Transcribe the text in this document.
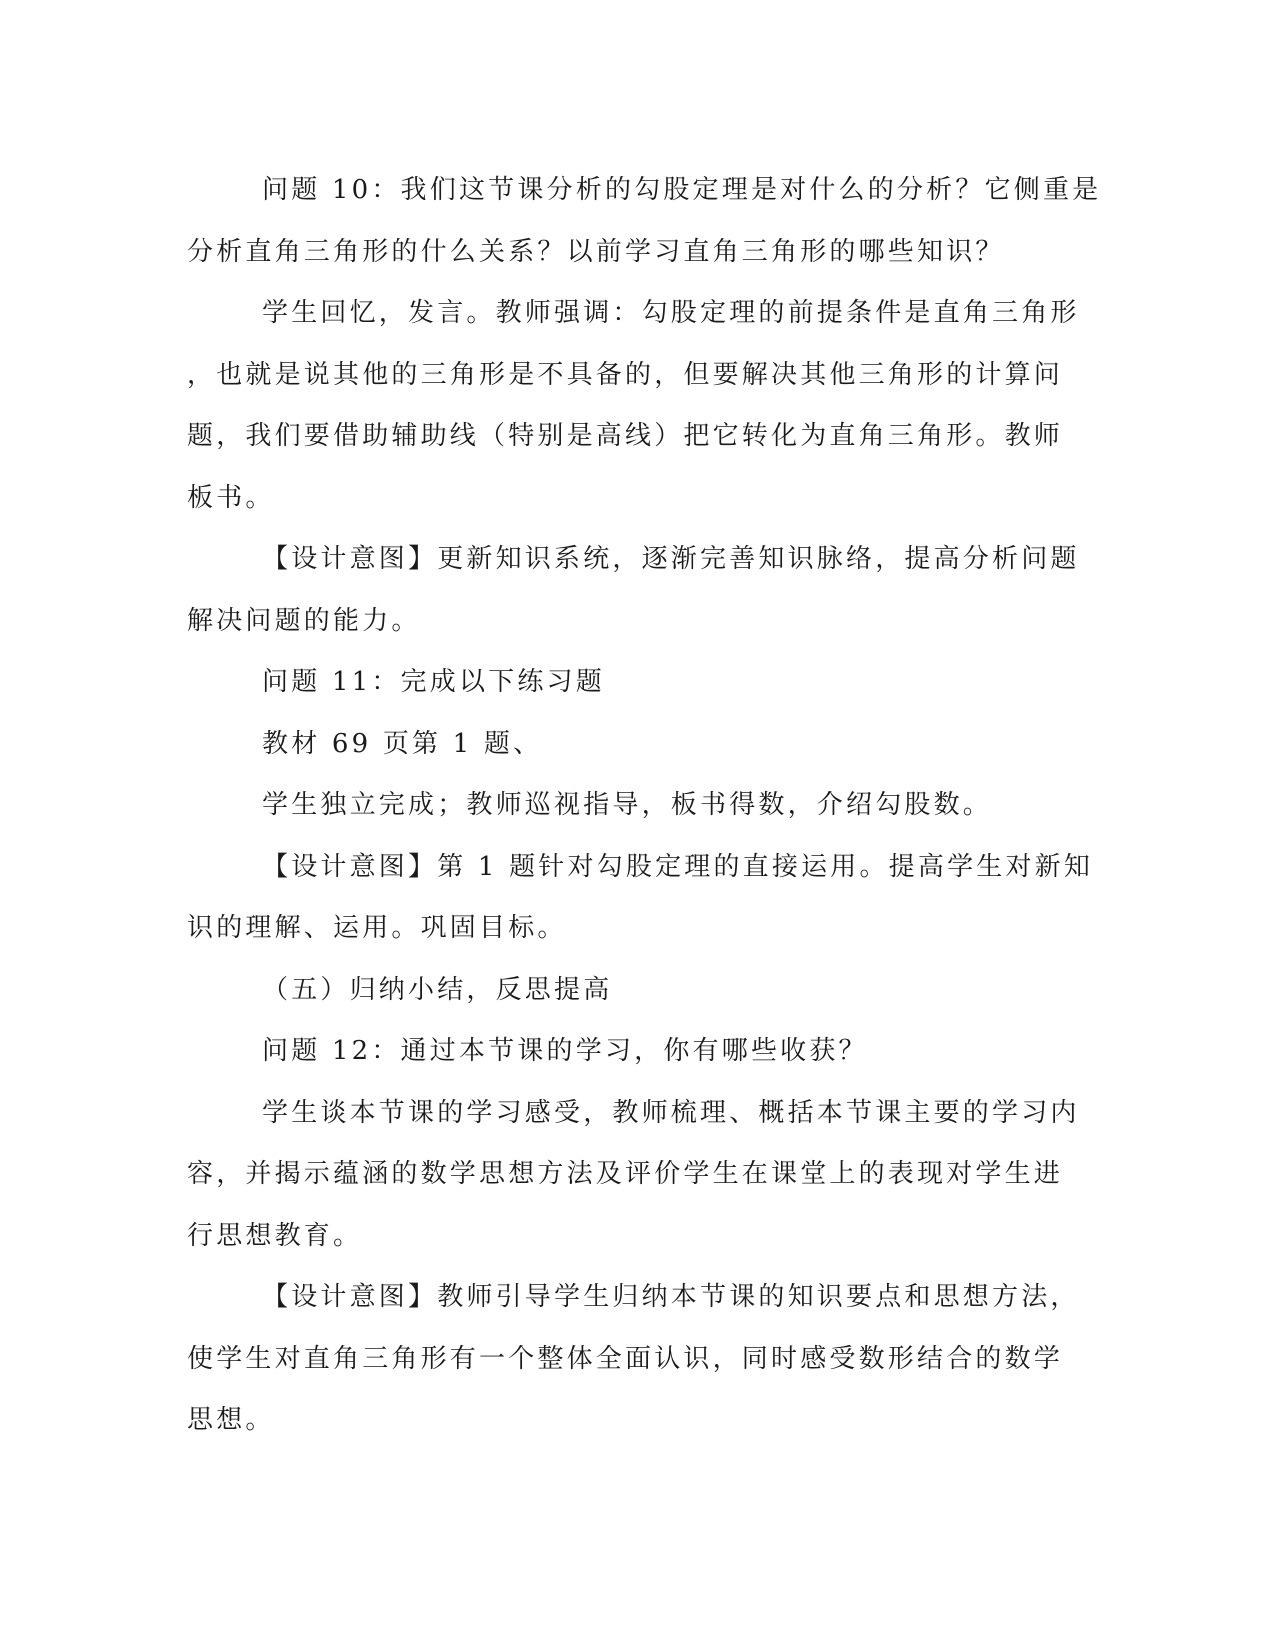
问题 10：我们这节课分析的勾股定理是对什么的分析？它侧重是
分析直角三角形的什么关系？以前学习直角三角形的哪些知识？

学生回忆，发言。教师强调：勾股定理的前提条件是直角三角形
，也就是说其他的三角形是不具备的，但要解决其他三角形的计算问
题，我们要借助辅助线（特别是高线）把它转化为直角三角形。教师
板书。

【设计意图】更新知识系统，逐渐完善知识脉络，提高分析问题
解决问题的能力。

问题 11：完成以下练习题

教材 69 页第 1 题、

学生独立完成；教师巡视指导，板书得数，介绍勾股数。

【设计意图】第 1 题针对勾股定理的直接运用。提高学生对新知
识的理解、运用。巩固目标。

（五）归纳小结，反思提高

问题 12：通过本节课的学习，你有哪些收获？

学生谈本节课的学习感受，教师梳理、概括本节课主要的学习内
容，并揭示蕴涵的数学思想方法及评价学生在课堂上的表现对学生进
行思想教育。

【设计意图】教师引导学生归纳本节课的知识要点和思想方法，
使学生对直角三角形有一个整体全面认识，同时感受数形结合的数学
思想。
